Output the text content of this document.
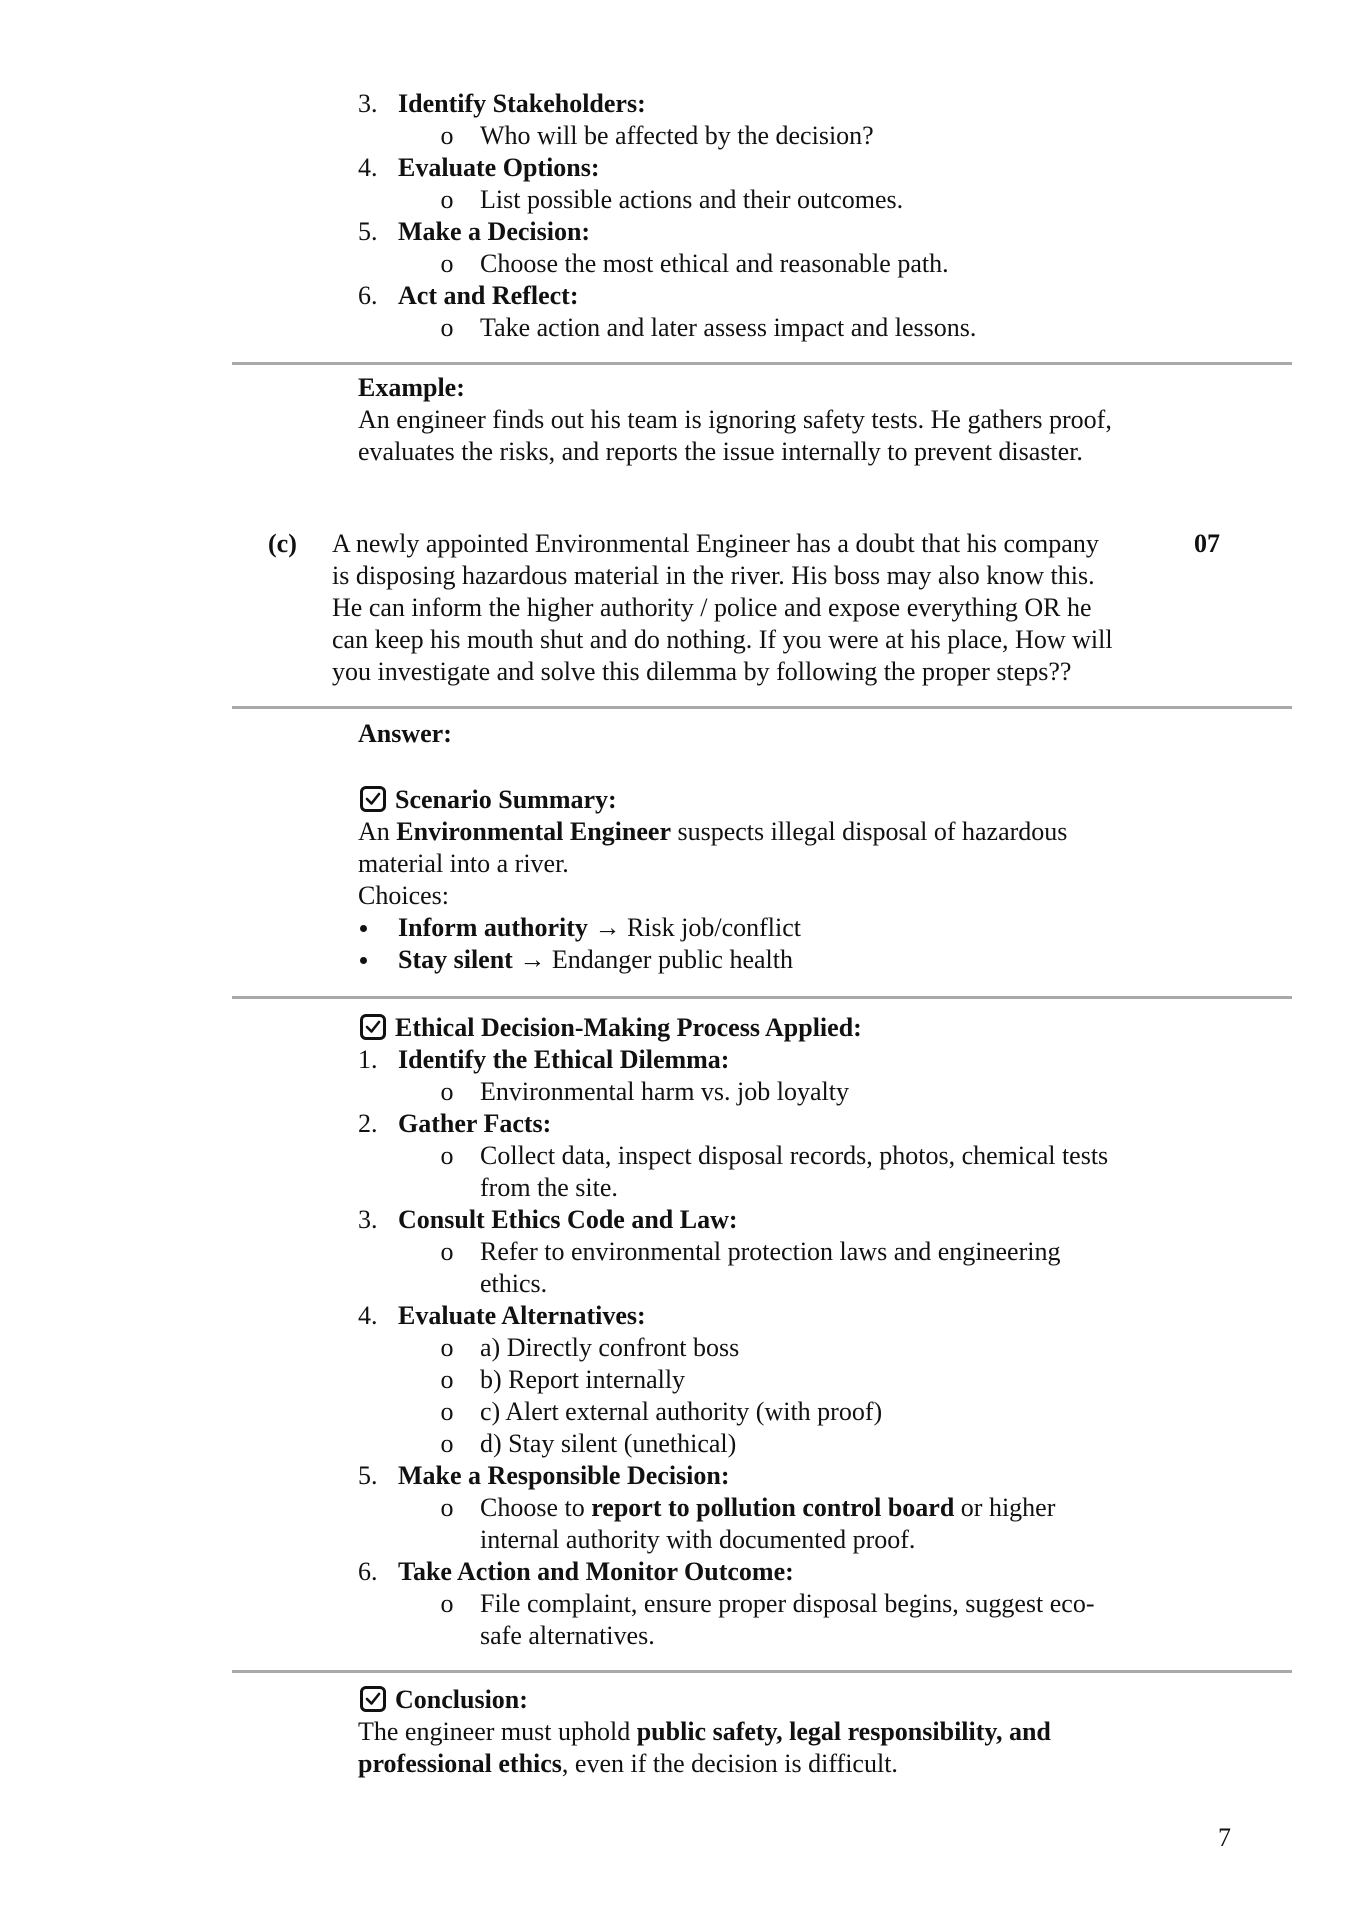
3. Identify Stakeholders:
o	Who will be affected by the decision?
4. Evaluate Options:
o	List possible actions and their outcomes.
5. Make a Decision:
o	Choose the most ethical and reasonable path.
6. Act and Reflect:
o	Take action and later assess impact and lessons.
Example:
An engineer finds out his team is ignoring safety tests. He gathers proof,
evaluates the risks, and reports the issue internally to prevent disaster.
(c)	07
A newly appointed Environmental Engineer has a doubt that his company
is disposing hazardous material in the river. His boss may also know this.
He can inform the higher authority / police and expose everything OR he
can keep his mouth shut and do nothing. If you were at his place, How will
you investigate and solve this dilemma by following the proper steps??
Answer:
Scenario Summary:
An Environmental Engineer suspects illegal disposal of hazardous
material into a river.
Choices:
Inform authority → Risk job/conflict
Stay silent → Endanger public health
Ethical Decision-Making Process Applied:
1. Identify the Ethical Dilemma:
o	Environmental harm vs. job loyalty
2. Gather Facts:
o	Collect data, inspect disposal records, photos, chemical tests
from the site.
3. Consult Ethics Code and Law:
o	Refer to environmental protection laws and engineering
ethics.
4. Evaluate Alternatives:
o	a) Directly confront boss
o	b) Report internally
o	c) Alert external authority (with proof)
o	d) Stay silent (unethical)
5. Make a Responsible Decision:
o	Choose to report to pollution control board or higher
internal authority with documented proof.
6. Take Action and Monitor Outcome:
o	File complaint, ensure proper disposal begins, suggest eco-
safe alternatives.
Conclusion:
The engineer must uphold public safety, legal responsibility, and
professional ethics, even if the decision is difficult.
7
